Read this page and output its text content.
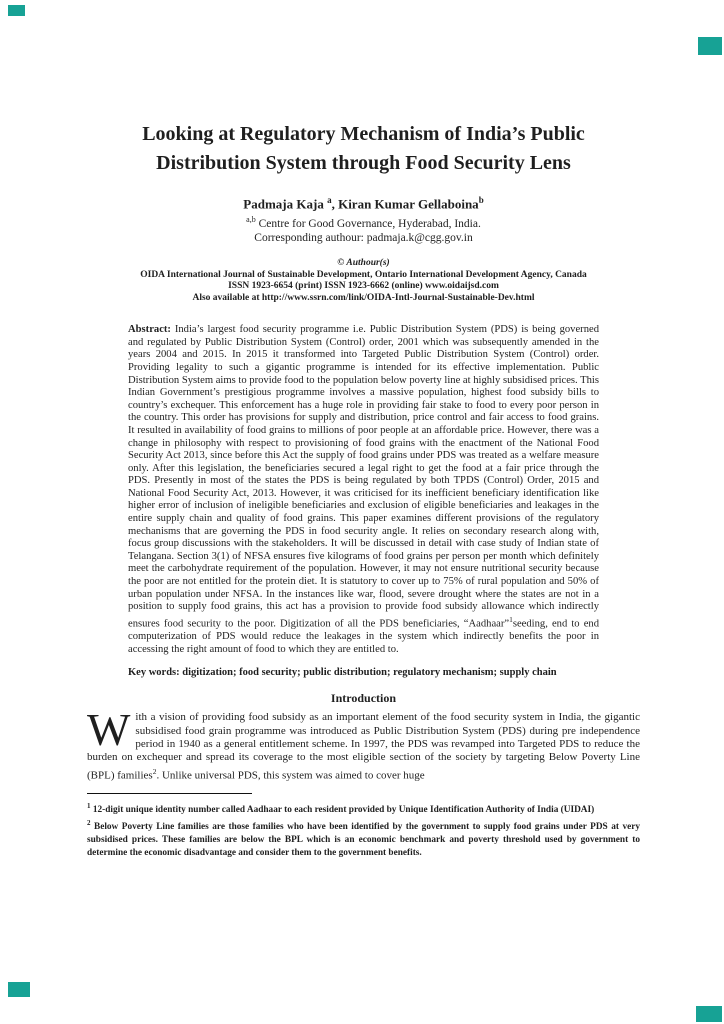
Looking at Regulatory Mechanism of India’s Public Distribution System through Food Security Lens

Padmaja Kaja $^a$, Kiran Kumar Gellaboina$^b$

$^{a,b}$ Centre for Good Governance, Hyderabad, India.

Corresponding authour: padmaja.k@cgg.gov.in

© Authour(s)

OIDA International Journal of Sustainable Development, Ontario International Development Agency, Canada

ISSN 1923-6654 (print) ISSN 1923-6662 (online) www.oidaijsd.com

Also available at http://www.ssrn.com/link/OIDA-Intl-Journal-Sustainable-Dev.html

Abstract: India’s largest food security programme i.e. Public Distribution System (PDS) is being governed and regulated by Public Distribution System (Control) order, 2001 which was subsequently amended in the years 2004 and 2015. In 2015 it transformed into Targeted Public Distribution System (Control) order. Providing legality to such a gigantic programme is intended for its effective implementation. Public Distribution System aims to provide food to the population below poverty line at highly subsidised prices. This Indian Government’s prestigious programme involves a massive population, highest food subsidy bills to country’s exchequer. This enforcement has a huge role in providing fair stake to food to every poor person in the country. This order has provisions for supply and distribution, price control and fair access to food grains. It resulted in availability of food grains to millions of poor people at an affordable price. However, there was a change in philosophy with respect to provisioning of food grains with the enactment of the National Food Security Act 2013, since before this Act the supply of food grains under PDS was treated as a welfare measure only. After this legislation, the beneficiaries secured a legal right to get the food at a fair price through the PDS. Presently in most of the states the PDS is being regulated by both TPDS (Control) Order, 2015 and National Food Security Act, 2013. However, it was criticised for its inefficient beneficiary identification like higher error of inclusion of ineligible beneficiaries and exclusion of eligible beneficiaries and leakages in the entire supply chain and quality of food grains. This paper examines different provisions of the regulatory mechanisms that are governing the PDS in food security angle. It relies on secondary research along with, focus group discussions with the stakeholders. It will be discussed in detail with case study of Indian state of Telangana. Section 3(1) of NFSA ensures five kilograms of food grains per person per month which definitely meet the carbohydrate requirement of the population. However, it may not ensure nutritional security because the poor are not entitled for the protein diet. It is statutory to cover up to 75% of rural population and 50% of urban population under NFSA. In the instances like war, flood, severe drought where the states are not in a position to supply food grains, this act has a provision to provide food subsidy allowance which indirectly ensures food security to the poor. Digitization of all the PDS beneficiaries, “Aadhaar”$^1$seeding, end to end computerization of PDS would reduce the leakages in the system which indirectly benefits the poor in accessing the right amount of food to which they are entitled to.

Key words: digitization; food security; public distribution; regulatory mechanism; supply chain

Introduction

With a vision of providing food subsidy as an important element of the food security system in India, the gigantic subsidised food grain programme was introduced as Public Distribution System (PDS) during pre independence period in 1940 as a general entitlement scheme. In 1997, the PDS was revamped into Targeted PDS to reduce the burden on exchequer and spread its coverage to the most eligible section of the society by targeting Below Poverty Line (BPL) families$^2$. Unlike universal PDS, this system was aimed to cover huge

$^1$ 12-digit unique identity number called Aadhaar to each resident provided by Unique Identification Authority of India (UIDAI)

$^2$ Below Poverty Line families are those families who have been identified by the government to supply food grains under PDS at very subsidised prices. These families are below the BPL which is an economic benchmark and poverty threshold used by government to determine the economic disadvantage and consider them to the government benefits.
